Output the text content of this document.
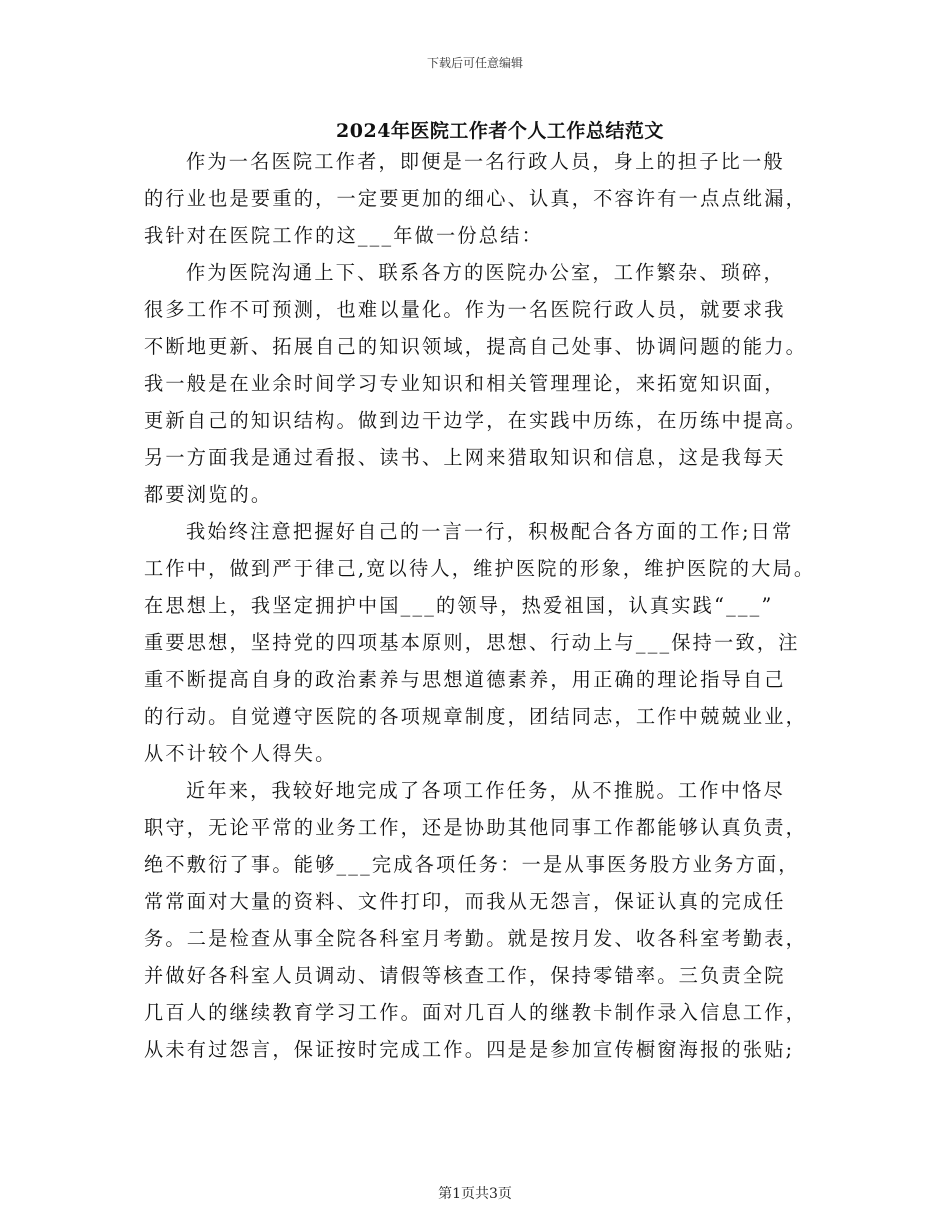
下载后可任意编辑
2024年医院工作者个人工作总结范文
作为一名医院工作者，即便是一名行政人员，身上的担子比一般
的行业也是要重的，一定要更加的细心、认真，不容许有一点点纰漏，
我针对在医院工作的这___年做一份总结：
作为医院沟通上下、联系各方的医院办公室，工作繁杂、琐碎，
很多工作不可预测，也难以量化。作为一名医院行政人员，就要求我
不断地更新、拓展自己的知识领域，提高自己处事、协调问题的能力。
我一般是在业余时间学习专业知识和相关管理理论，来拓宽知识面，
更新自己的知识结构。做到边干边学，在实践中历练，在历练中提高。
另一方面我是通过看报、读书、上网来猎取知识和信息，这是我每天
都要浏览的。
我始终注意把握好自己的一言一行，积极配合各方面的工作;日常
工作中，做到严于律己,宽以待人，维护医院的形象，维护医院的大局。
在思想上，我坚定拥护中国___的领导，热爱祖国，认真实践“___”
重要思想，坚持党的四项基本原则，思想、行动上与___保持一致，注
重不断提高自身的政治素养与思想道德素养，用正确的理论指导自己
的行动。自觉遵守医院的各项规章制度，团结同志，工作中兢兢业业，
从不计较个人得失。
近年来，我较好地完成了各项工作任务，从不推脱。工作中恪尽
职守，无论平常的业务工作，还是协助其他同事工作都能够认真负责，
绝不敷衍了事。能够___完成各项任务：一是从事医务股方业务方面，
常常面对大量的资料、文件打印，而我从无怨言，保证认真的完成任
务。二是检查从事全院各科室月考勤。就是按月发、收各科室考勤表，
并做好各科室人员调动、请假等核查工作，保持零错率。三负责全院
几百人的继续教育学习工作。面对几百人的继教卡制作录入信息工作，
从未有过怨言，保证按时完成工作。四是是参加宣传橱窗海报的张贴;
第1页共3页
